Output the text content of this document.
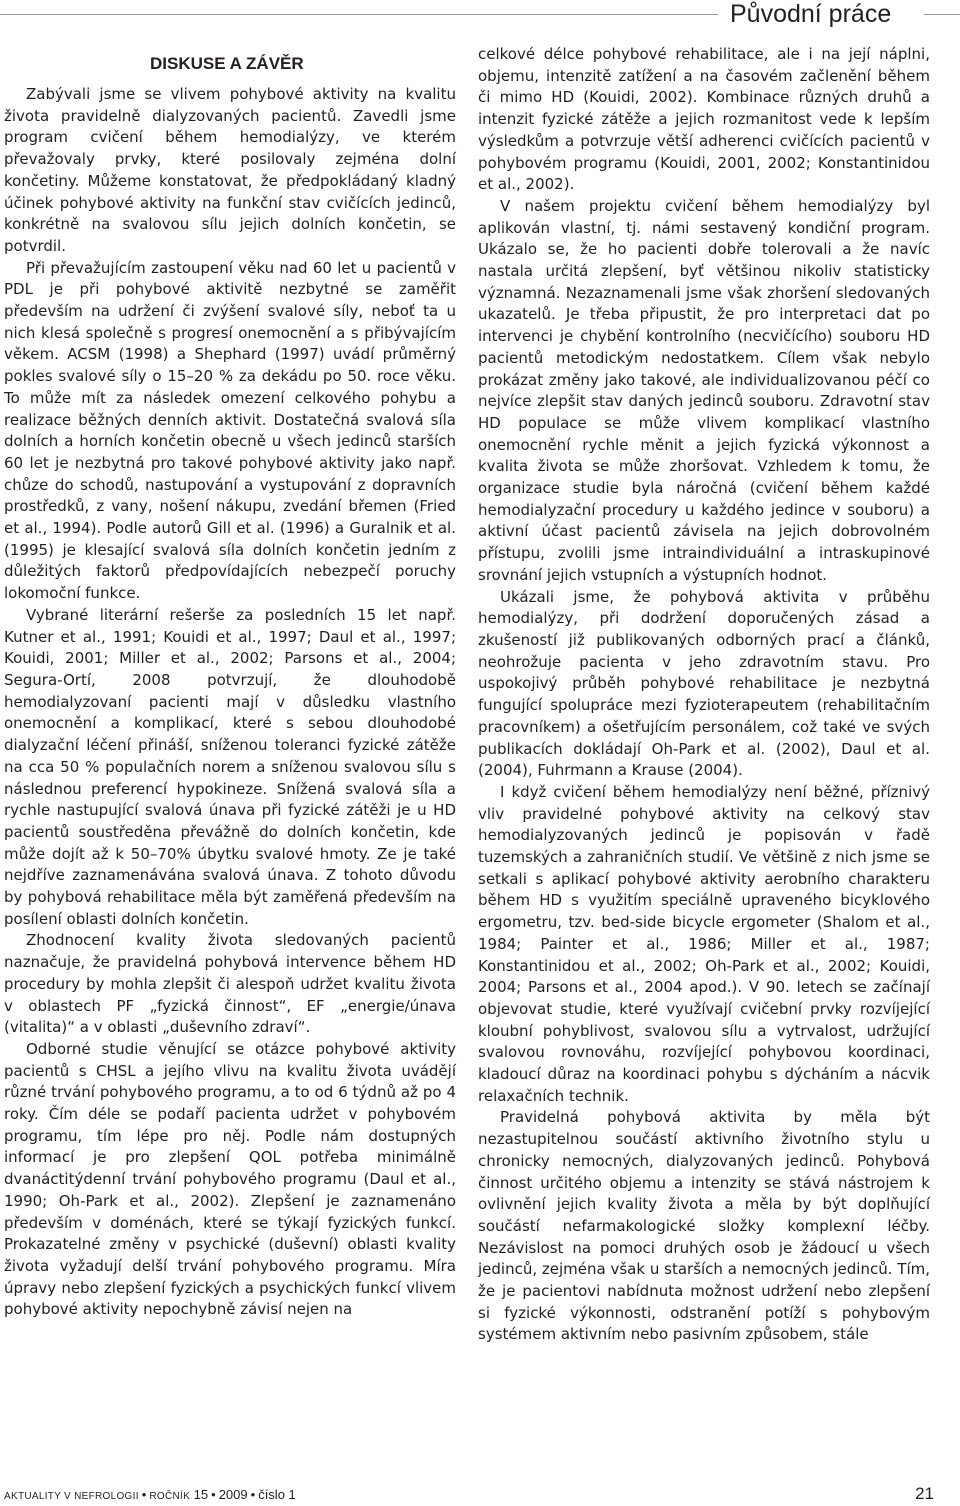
Původní práce
DISKUSE A ZÁVĚR

Zabývali jsme se vlivem pohybové aktivity na kvalitu života pravidelně dialyzovaných pacientů. Zavedli jsme program cvičení během hemodialýzy, ve kterém převažovaly prvky, které posilovaly zejména dolní končetiny. Můžeme konstatovat, že předpokládaný kladný účinek pohybové aktivity na funkční stav cvičících jedinců, konkrétně na svalovou sílu jejich dolních končetin, se potvrdil.

Při převažujícím zastoupení věku nad 60 let u pacientů v PDL je při pohybové aktivitě nezbytné se zaměřit především na udržení či zvýšení svalové síly, neboť ta u nich klesá společně s progresí onemocnění a s přibývajícím věkem. ACSM (1998) a Shephard (1997) uvádí průměrný pokles svalové síly o 15–20 % za dekádu po 50. roce věku. To může mít za následek omezení celkového pohybu a realizace běžných denních aktivit. Dostatečná svalová síla dolních a horních končetin obecně u všech jedinců starších 60 let je nezbytná pro takové pohybové aktivity jako např. chůze do schodů, nastupování a vystupování z dopravních prostředků, z vany, nošení nákupu, zvedání břemen (Fried et al., 1994). Podle autorů Gill et al. (1996) a Guralnik et al. (1995) je klesající svalová síla dolních končetin jedním z důležitých faktorů předpovídajících nebezpečí poruchy lokomoční funkce.

Vybrané literární rešerše za posledních 15 let např. Kutner et al., 1991; Kouidi et al., 1997; Daul et al., 1997; Kouidi, 2001; Miller et al., 2002; Parsons et al., 2004; Segura-Ortí, 2008 potvrzují, že dlouhodobě hemodialyzovaní pacienti mají v důsledku vlastního onemocnění a komplikací, které s sebou dlouhodobé dialyzační léčení přináší, sníženou toleranci fyzické zátěže na cca 50 % populačních norem a sníženou svalovou sílu s následnou preferencí hypokineze. Snížená svalová síla a rychle nastupující svalová únava při fyzické zátěži je u HD pacientů soustředěna převážně do dolních končetin, kde může dojít až k 50–70% úbytku svalové hmoty. Ze je také nejdříve zaznamenávána svalová únava. Z tohoto důvodu by pohybová rehabilitace měla být zaměřená především na posílení oblasti dolních končetin.

Zhodnocení kvality života sledovaných pacientů naznačuje, že pravidelná pohybová intervence během HD procedury by mohla zlepšit či alespoň udržet kvalitu života v oblastech PF „fyzická činnost“, EF „energie/únava (vitalita)“ a v oblasti „duševního zdraví“.

Odborné studie věnující se otázce pohybové aktivity pacientů s CHSL a jejího vlivu na kvalitu života uvádějí různé trvání pohybového programu, a to od 6 týdnů až po 4 roky. Čím déle se podaří pacienta udržet v pohybovém programu, tím lépe pro něj. Podle nám dostupných informací je pro zlepšení QOL potřeba minimálně dvanáctitýdenní trvání pohybového programu (Daul et al., 1990; Oh-Park et al., 2002). Zlepšení je zaznamenáno především v doménách, které se týkají fyzických funkcí. Prokazatelné změny v psychické (duševní) oblasti kvality života vyžadují delší trvání pohybového programu. Míra úpravy nebo zlepšení fyzických a psychických funkcí vlivem pohybové aktivity nepochybně závisí nejen na

celkové délce pohybové rehabilitace, ale i na její náplni, objemu, intenzitě zatížení a na časovém začlenění během či mimo HD (Kouidi, 2002). Kombinace různých druhů a intenzit fyzické zátěže a jejich rozmanitost vede k lepším výsledkům a potvrzuje větší adherenci cvičících pacientů v pohybovém programu (Kouidi, 2001, 2002; Konstantinidou et al., 2002).

V našem projektu cvičení během hemodialýzy byl aplikován vlastní, tj. námi sestavený kondiční program. Ukázalo se, že ho pacienti dobře tolerovali a že navíc nastala určitá zlepšení, byť většinou nikoliv statisticky významná. Nezaznamenali jsme však zhoršení sledovaných ukazatelů. Je třeba připustit, že pro interpretaci dat po intervenci je chybění kontrolního (necvičícího) souboru HD pacientů metodickým nedostatkem. Cílem však nebylo prokázat změny jako takové, ale individualizovanou péčí co nejvíce zlepšit stav daných jedinců souboru. Zdravotní stav HD populace se může vlivem komplikací vlastního onemocnění rychle měnit a jejich fyzická výkonnost a kvalita života se může zhoršovat. Vzhledem k tomu, že organizace studie byla náročná (cvičení během každé hemodialyzační procedury u každého jedince v souboru) a aktivní účast pacientů závisela na jejich dobrovolném přístupu, zvolili jsme intraindividuální a intraskupinové srovnání jejich vstupních a výstupních hodnot.

Ukázali jsme, že pohybová aktivita v průběhu hemodialýzy, při dodržení doporučených zásad a zkušeností již publikovaných odborných prací a článků, neohrožuje pacienta v jeho zdravotním stavu. Pro uspokojivý průběh pohybové rehabilitace je nezbytná fungující spolupráce mezi fyzioterapeutem (rehabilitačním pracovníkem) a ošetřujícím personálem, což také ve svých publikacích dokládají Oh-Park et al. (2002), Daul et al. (2004), Fuhrmann a Krause (2004).

I když cvičení během hemodialýzy není běžné, příznivý vliv pravidelné pohybové aktivity na celkový stav hemodialyzovaných jedinců je popisován v řadě tuzemských a zahraničních studií. Ve většině z nich jsme se setkali s aplikací pohybové aktivity aerobního charakteru během HD s využitím speciálně upraveného bicyklového ergometru, tzv. bed-side bicycle ergometer (Shalom et al., 1984; Painter et al., 1986; Miller et al., 1987; Konstantinidou et al., 2002; Oh-Park et al., 2002; Kouidi, 2004; Parsons et al., 2004 apod.). V 90. letech se začínají objevovat studie, které využívají cvičební prvky rozvíjející kloubní pohyblivost, svalovou sílu a vytrvalost, udržující svalovou rovnováhu, rozvíjející pohybovou koordinaci, kladoucí důraz na koordinaci pohybu s dýcháním a nácvik relaxačních technik.

Pravidelná pohybová aktivita by měla být nezastupitelnou součástí aktivního životního stylu u chronicky nemocných, dialyzovaných jedinců. Pohybová činnost určitého objemu a intenzity se stává nástrojem k ovlivnění jejich kvality života a měla by být doplňující součástí nefarmakologické složky komplexní léčby. Nezávislost na pomoci druhých osob je žádoucí u všech jedinců, zejména však u starších a nemocných jedinců. Tím, že je pacientovi nabídnuta možnost udržení nebo zlepšení si fyzické výkonnosti, odstranění potíží s pohybovým systémem aktivním nebo pasivním způsobem, stále

AKTUALITY V NEFROLOGII • ROČNÍK 15 • 2009 • číslo 1	21
